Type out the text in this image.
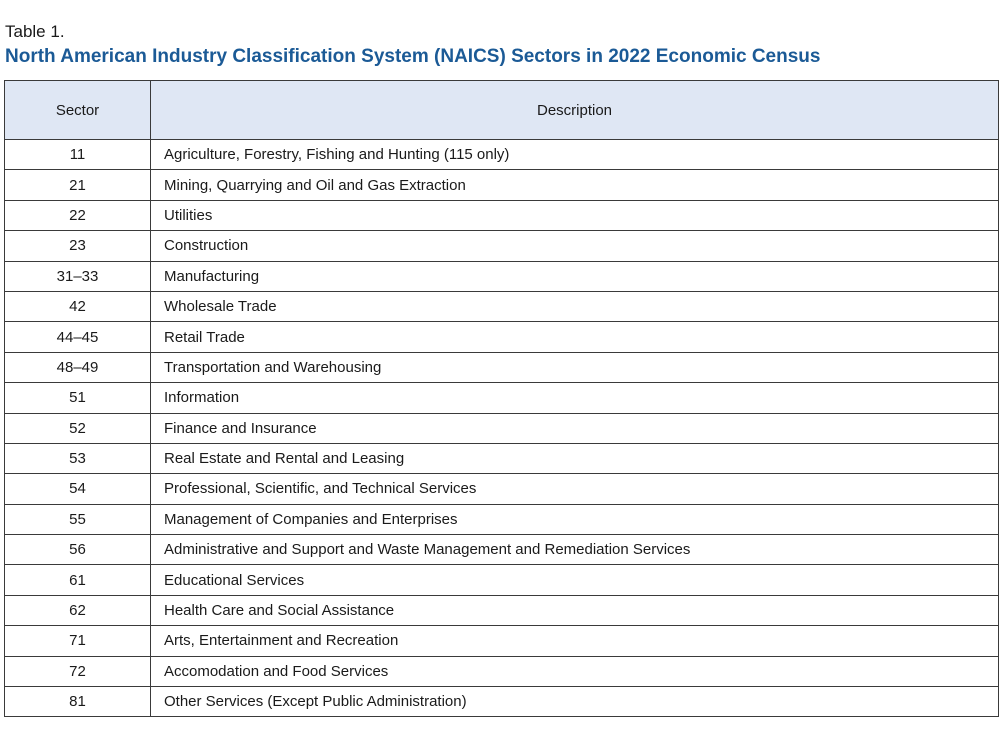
Table 1.
North American Industry Classification System (NAICS) Sectors in 2022 Economic Census
Sector	Description
11	Agriculture, Forestry, Fishing and Hunting (115 only)
21	Mining, Quarrying and Oil and Gas Extraction
22	Utilities
23	Construction
31–33	Manufacturing
42	Wholesale Trade
44–45	Retail Trade
48–49	Transportation and Warehousing
51	Information
52	Finance and Insurance
53	Real Estate and Rental and Leasing
54	Professional, Scientific, and Technical Services
55	Management of Companies and Enterprises
56	Administrative and Support and Waste Management and Remediation Services
61	Educational Services
62	Health Care and Social Assistance
71	Arts, Entertainment and Recreation
72	Accomodation and Food Services
81	Other Services (Except Public Administration)
